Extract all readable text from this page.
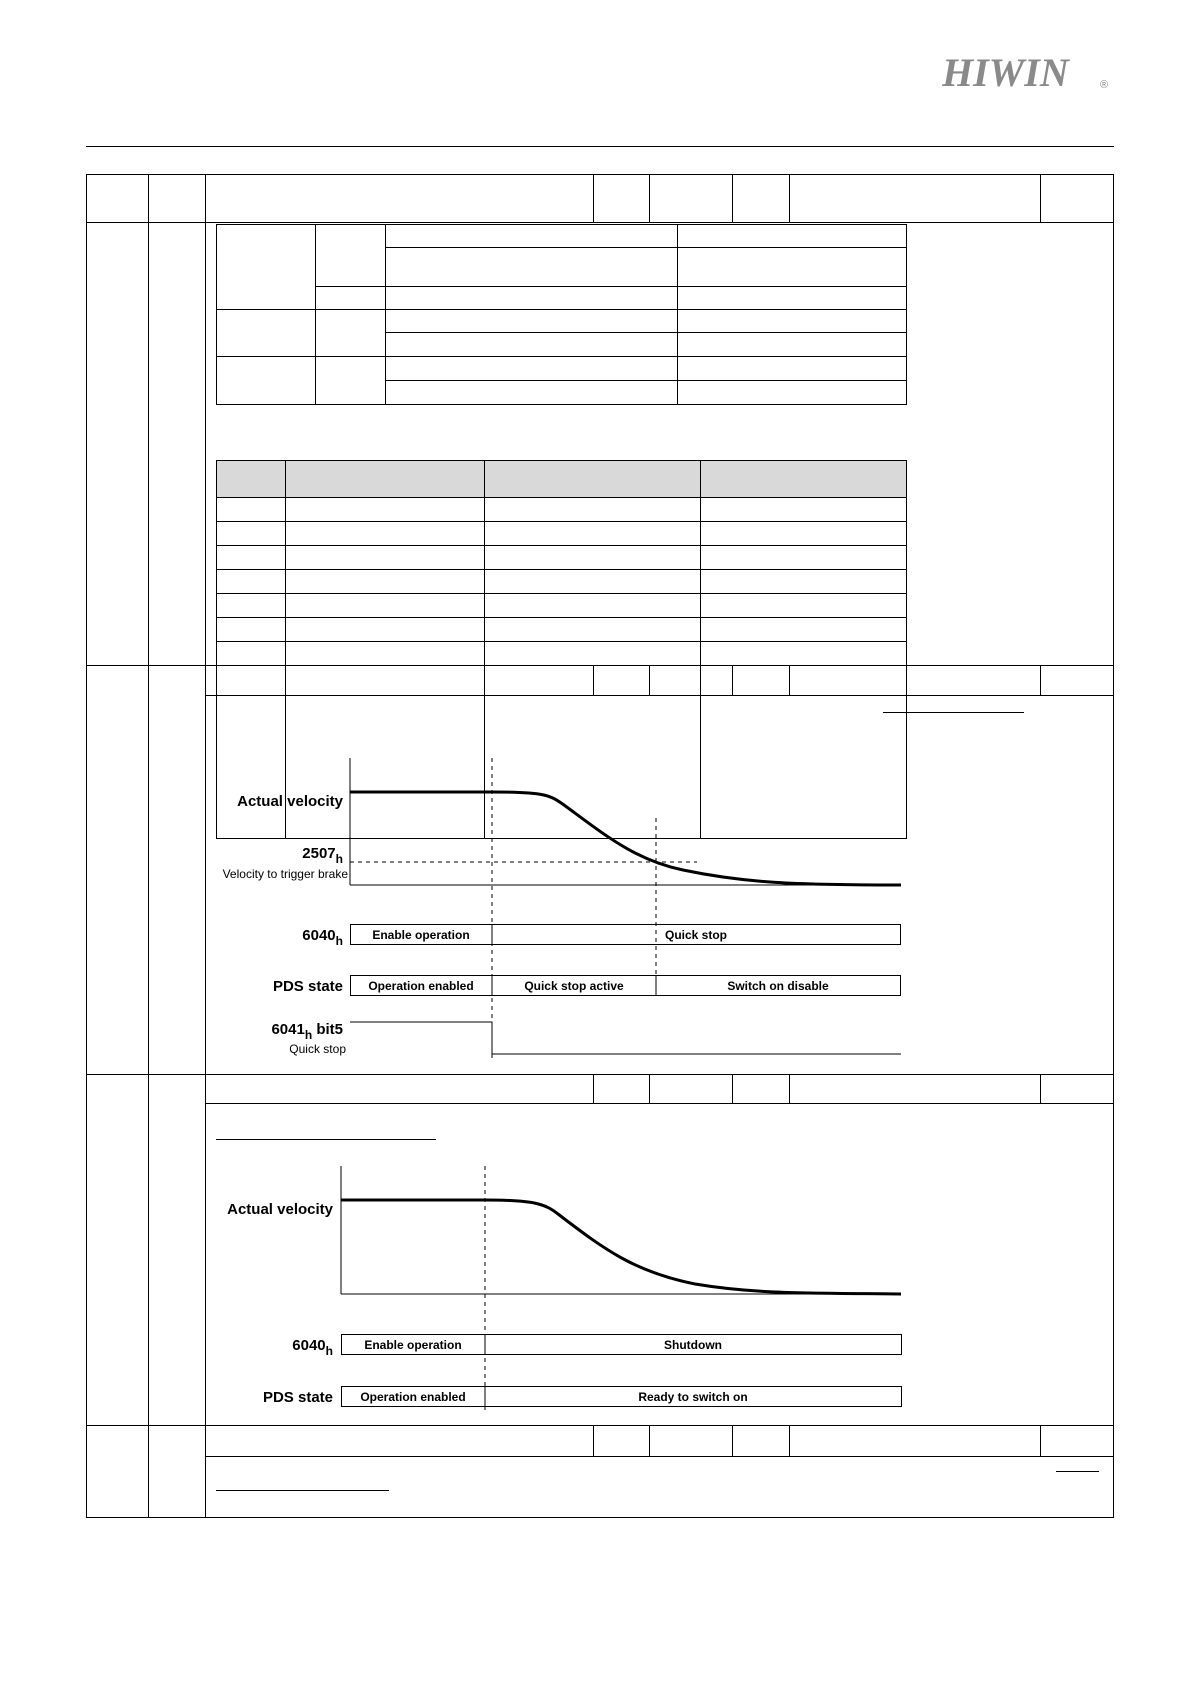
HIWIN	®
Actual velocity
$2507_h$
Velocity to trigger brake
$6040_h$ Enable operation	Quick stop
PDS state Operation enabled	Quick stop active	Switch on disable
$6041_h$ bit5
Quick stop
Actual velocity
$6040_h$	Enable operation	Shutdown
PDS state Operation enabled	Ready to switch on
